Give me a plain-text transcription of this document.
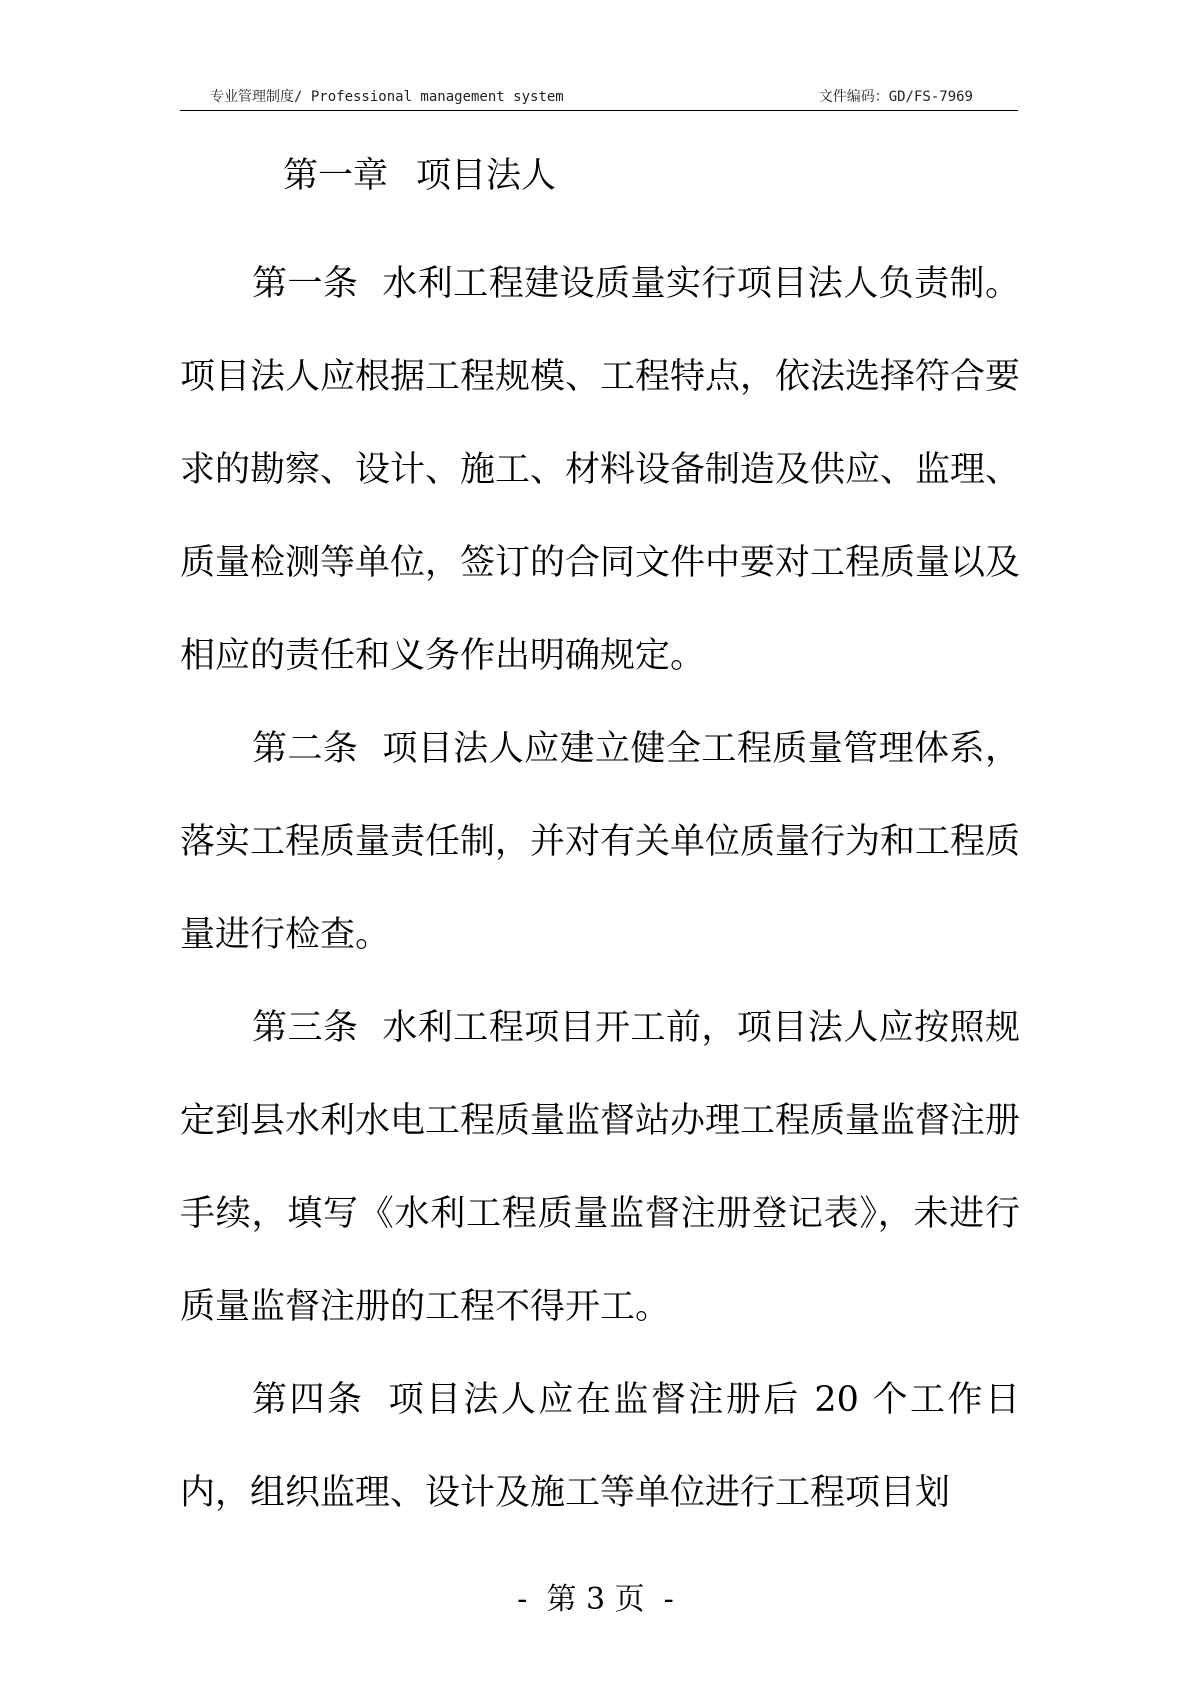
专业管理制度/ Professional management system	文件编码：GD/FS-7969
第一章 项目法人

第一条 水利工程建设质量实行项目法人负责制。项目法人应根据工程规模、工程特点，依法选择符合要求的勘察、设计、施工、材料设备制造及供应、监理、质量检测等单位，签订的合同文件中要对工程质量以及相应的责任和义务作出明确规定。

第二条 项目法人应建立健全工程质量管理体系，落实工程质量责任制，并对有关单位质量行为和工程质量进行检查。

第三条 水利工程项目开工前，项目法人应按照规定到县水利水电工程质量监督站办理工程质量监督注册手续，填写《水利工程质量监督注册登记表》，未进行质量监督注册的工程不得开工。

第四条 项目法人应在监督注册后 20 个工作日内，组织监理、设计及施工等单位进行工程项目划

-  第 3 页  -
